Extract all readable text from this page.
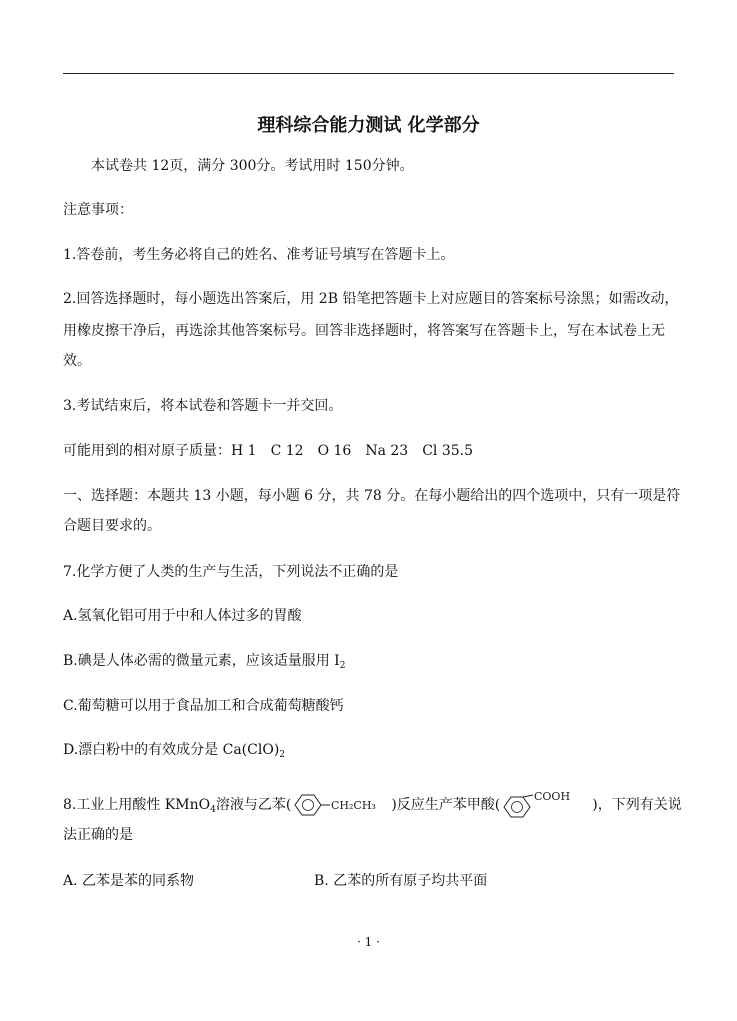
理科综合能力测试 化学部分
本试卷共 12页，满分 300分。考试用时 150分钟。
注意事项：
1.答卷前，考生务必将自己的姓名、准考证号填写在答题卡上。
2.回答选择题时，每小题选出答案后，用 2B 铅笔把答题卡上对应题目的答案标号涂黑；如需改动，
用橡皮擦干净后，再选涂其他答案标号。回答非选择题时，将答案写在答题卡上，写在本试卷上无
效。
3.考试结束后，将本试卷和答题卡一并交回。
可能用到的相对原子质量：H 1 C 12 O 16 Na 23 Cl 35.5
一、选择题：本题共 13 小题，每小题 6 分，共 78 分。在每小题给出的四个选项中，只有一项是符
合题目要求的。
7.化学方便了人类的生产与生活，下列说法不正确的是
A.氢氧化铝可用于中和人体过多的胃酸
B.碘是人体必需的微量元素，应该适量服用 $I_2$
C.葡萄糖可以用于食品加工和合成葡萄糖酸钙
D.漂白粉中的有效成分是 $Ca(ClO)_2$
8.工业上用酸性 KMnO$_4$溶液与乙苯(	CH₂CH₃ )反应生产苯甲酸(
COOH
)，下列有关说
法正确的是
A. 乙苯是苯的同系物	B. 乙苯的所有原子均共平面
· 1 ·
